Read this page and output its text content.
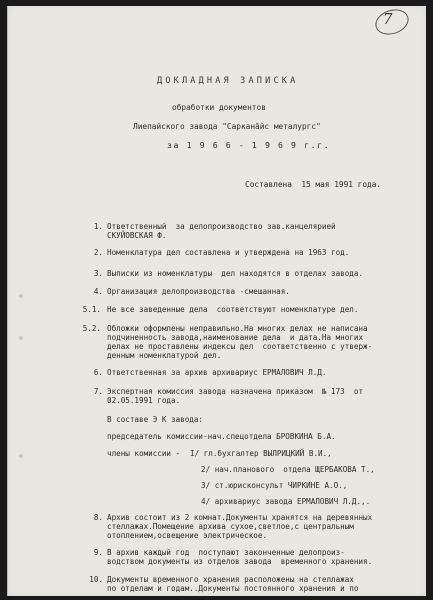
7
ДОКЛАДНАЯ ЗАПИСКА
обработки документов
Лиепайского завода "Саркана̄йс металургс"
за 1 9 6 6 - 1 9 6 9 г.г.
Составлена  15 мая 1991 года.
1. Ответственный  за делопроизводство зав.канцелярией
СКУЙОВСКАЯ Ф.
2. Номенклатура дел составлена и утверждена на 1963 год.
3. Выписки из номенклатуры  дел находятся в отделах завода.
4. Организация делопроизводства -смешанная.
5.1. Не все заведенные дела  соответствуют номенклатуре дел.
5.2. Обложки оформлены неправильно.На многих делах не написана
подчиненность завода,наименование дела  и дата.На многих
делах не проставлены индексы дел  соответственно с утверж-
денным номенклатурой дел.
6. Ответственная за архив архивариус ЕРМАЛОВИЧ Л.Д.
7. Экспертная комиссия завода назначена приказом  № 173  от
02.05.1991 года.
В составе Э К завода:
председатель комиссии-нач.спецотдела БРОВКИНА Б.А.
члены комиссии - I/ гл.бухгалтер ВЫЛРИЦКИЙ В.И.,
2/ нач.планового  отдела ЩЕРБАКОВА Т.,
3/ ст.юрисконсульт ЧИРКИНЕ А.О.,
4/ архивариус завода ЕРМАЛОВИЧ Л.Д.,.
8. Архив состоит из 2 комнат.Документы хранятся на деревянных
стеллажах.Помещение архива сухое,светлое,с центральным
отоплением,освещение электрическое.
9. В архив каждый год  поступают законченные делопроиз-
водством документы из отделов завода  временного хранения.
10. Документы временного хранения расположены на стеллажах
по отделам и годам..Документы постоянного хранения и по
